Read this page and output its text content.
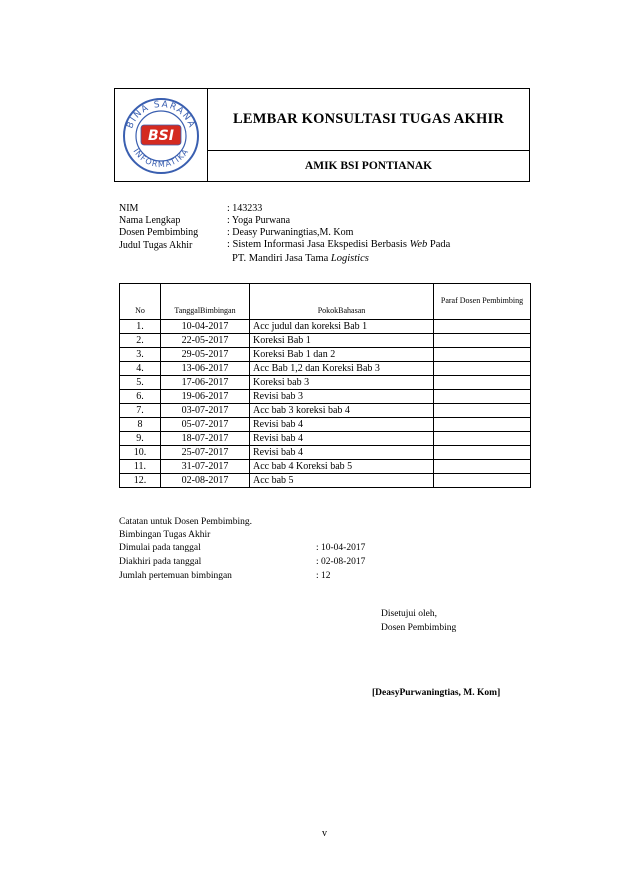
BINA SARANA
INFORMATIKA
BSI
LEMBAR KONSULTASI TUGAS AKHIR
AMIK BSI PONTIANAK
NIM	: 143233
Nama Lengkap	: Yoga Purwana
Dosen Pembimbing	: Deasy Purwaningtias,M. Kom
Judul Tugas Akhir	: Sistem Informasi Jasa Ekspedisi Berbasis Web Pada
PT. Mandiri Jasa Tama Logistics
No	TanggalBimbingan	PokokBahasan	Paraf Dosen Pembimbing
1.	10-04-2017	Acc judul dan koreksi Bab 1	
2.	22-05-2017	Koreksi Bab 1	
3.	29-05-2017	Koreksi Bab 1 dan 2	
4.	13-06-2017	Acc Bab 1,2 dan Koreksi Bab 3	
5.	17-06-2017	Koreksi bab 3	
6.	19-06-2017	Revisi bab 3	
7.	03-07-2017	Acc bab 3 koreksi bab 4	
8	05-07-2017	Revisi bab 4	
9.	18-07-2017	Revisi bab 4	
10.	25-07-2017	Revisi bab 4	
11.	31-07-2017	Acc bab 4 Koreksi bab 5	
12.	02-08-2017	Acc bab 5	
Catatan untuk Dosen Pembimbing.
Bimbingan Tugas Akhir
Dimulai pada tanggal	: 10-04-2017
Diakhiri pada tanggal	: 02-08-2017
Jumlah pertemuan bimbingan	: 12
Disetujui oleh,
Dosen Pembimbing
[DeasyPurwaningtias, M. Kom]
v
